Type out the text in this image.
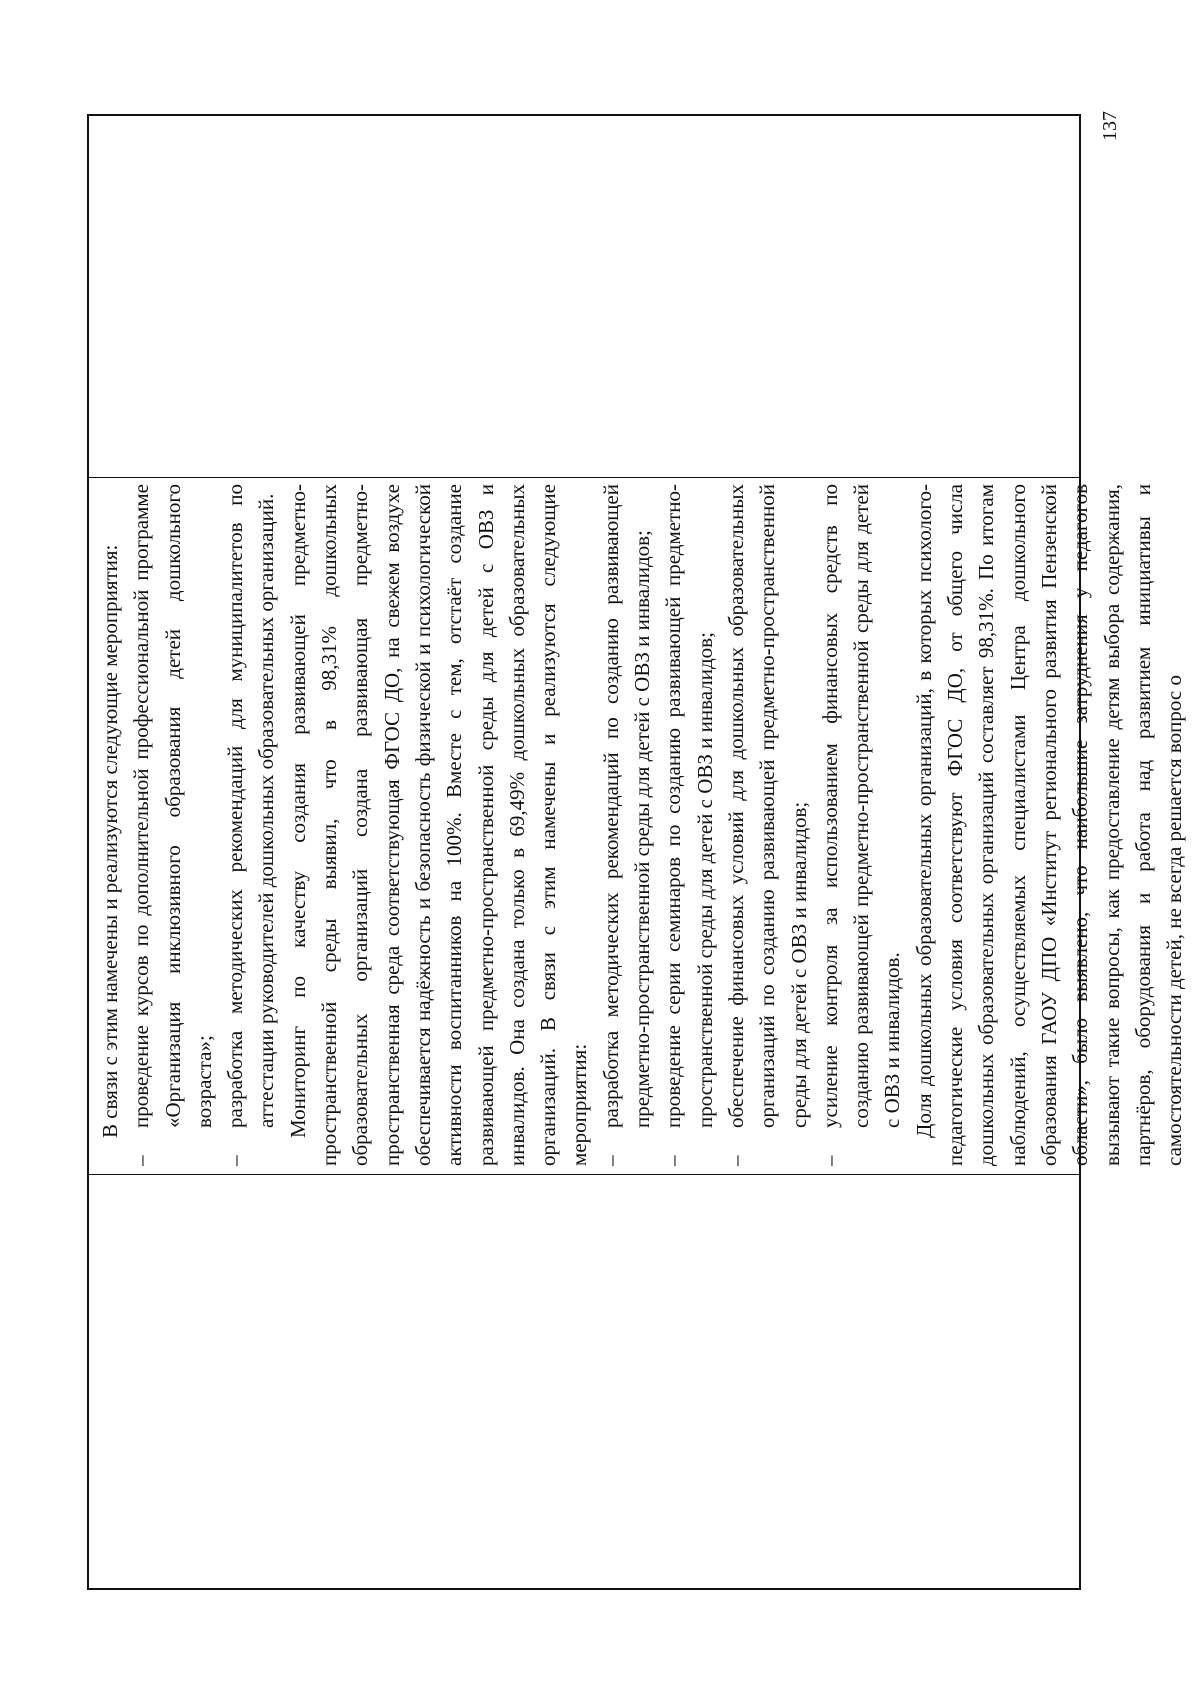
137

В связи с этим намечены и реализуются следующие мероприятия:

–
проведение курсов по дополнительной профессиональной программе «Организация инклюзивного образования детей дошкольного возраста»;
–
разработка методических рекомендаций для муниципалитетов по аттестации руководителей дошкольных образовательных организаций. Мониторинг по качеству создания развивающей предметно-пространственной среды выявил, что в 98,31% дошкольных образовательных организаций создана развивающая предметно-пространственная среда соответствующая ФГОС ДО, на свежем воздухе обеспечивается надёжность и безопасность физической и психологической активности воспитанников на 100%. Вместе с тем, отстаёт создание развивающей предметно-пространственной среды для детей с ОВЗ и инвалидов. Она создана только в 69,49% дошкольных образовательных организаций. В связи с этим намечены и реализуются следующие мероприятия: –
разработка методических рекомендаций по созданию развивающей предметно-пространственной среды для детей с ОВЗ и инвалидов;
–
проведение серии семинаров по созданию развивающей предметно-пространственной среды для детей с ОВЗ и инвалидов;
–
обеспечение финансовых условий для дошкольных образовательных организаций по созданию развивающей предметно-пространственной среды для детей с ОВЗ и инвалидов;
–
усиление контроля за использованием финансовых средств по созданию развивающей предметно-пространственной среды для детей с ОВЗ и инвалидов. Доля дошкольных образовательных организаций, в которых психолого-педагогические условия соответствуют ФГОС ДО, от общего числа дошкольных образовательных организаций составляет 98,31%. По итогам наблюдений, осуществляемых специалистами Центра дошкольного образования ГАОУ ДПО «Институт регионального развития Пензенской области», было выявлено, что наибольшие затруднения у педагогов вызывают такие вопросы, как предоставление детям выбора содержания, партнёров, оборудования и работа над развитием инициативы и самостоятельности детей, не всегда решается вопрос о
